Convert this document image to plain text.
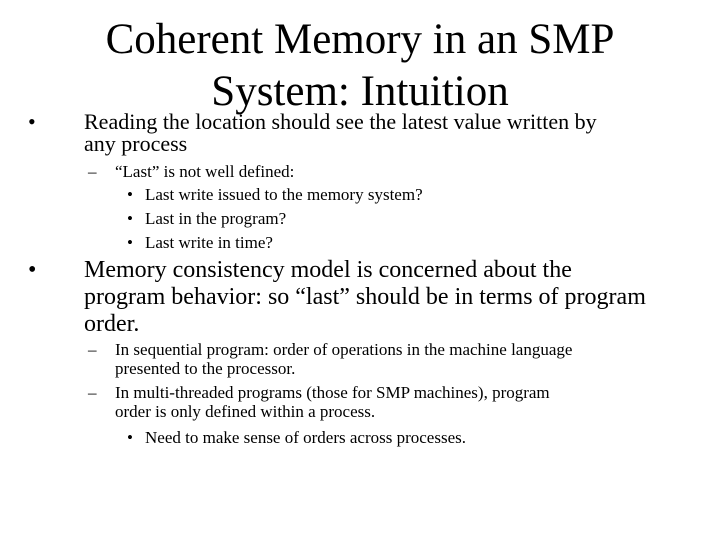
Coherent Memory in an SMP
System: Intuition
• Reading the location should see the latest value written by

any process

– “Last” is not well defined:

• Last write issued to the memory system?

• Last in the program?

• Last write in time?

• Memory consistency model is concerned about the

program behavior: so “last” should be in terms of program

order.

– In sequential program: order of operations in the machine language

presented to the processor.

– In multi-threaded programs (those for SMP machines), program

order is only defined within a process.

• Need to make sense of orders across processes.
